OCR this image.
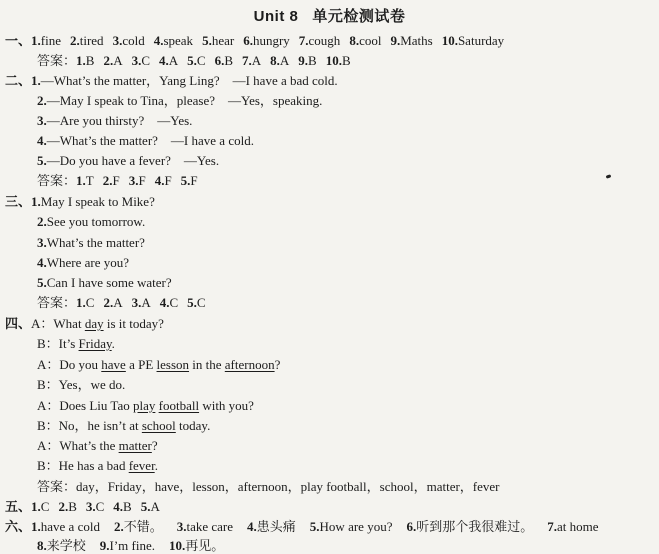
Unit 8 单元检测试卷
一、1.fine 2.tired 3.cold 4.speak 5.hear 6.hungry 7.cough 8.cool 9.Maths 10.Saturday
答案：1.B 2.A 3.C 4.A 5.C 6.B 7.A 8.A 9.B 10.B
二、1.—What’s the matter，Yang Ling?　—I have a bad cold.
2.—May I speak to Tina，please?　—Yes，speaking.
3.—Are you thirsty?　—Yes.
4.—What’s the matter?　—I have a cold.
5.—Do you have a fever?　—Yes.
答案：1.T 2.F 3.F 4.F 5.F
三、1.May I speak to Mike?
2.See you tomorrow.
3.What’s the matter?
4.Where are you?
5.Can I have some water?
答案：1.C 2.A 3.A 4.C 5.C
四、A：What day is it today?
B：It’s Friday.
A：Do you have a PE lesson in the afternoon?
B：Yes，we do.
A：Does Liu Tao play football with you?
B：No，he isn’t at school today.
A：What’s the matter?
B：He has a bad fever.
答案：day，Friday，have，lesson，afternoon，play football，school，matter，fever
五、1.C 2.B 3.C 4.B 5.A
六、1.have a cold 2.不错。 3.take care 4.患头痛 5.How are you? 6.听到那个我很难过。 7.at home
8.来学校 9.I’m fine. 10.再见。
